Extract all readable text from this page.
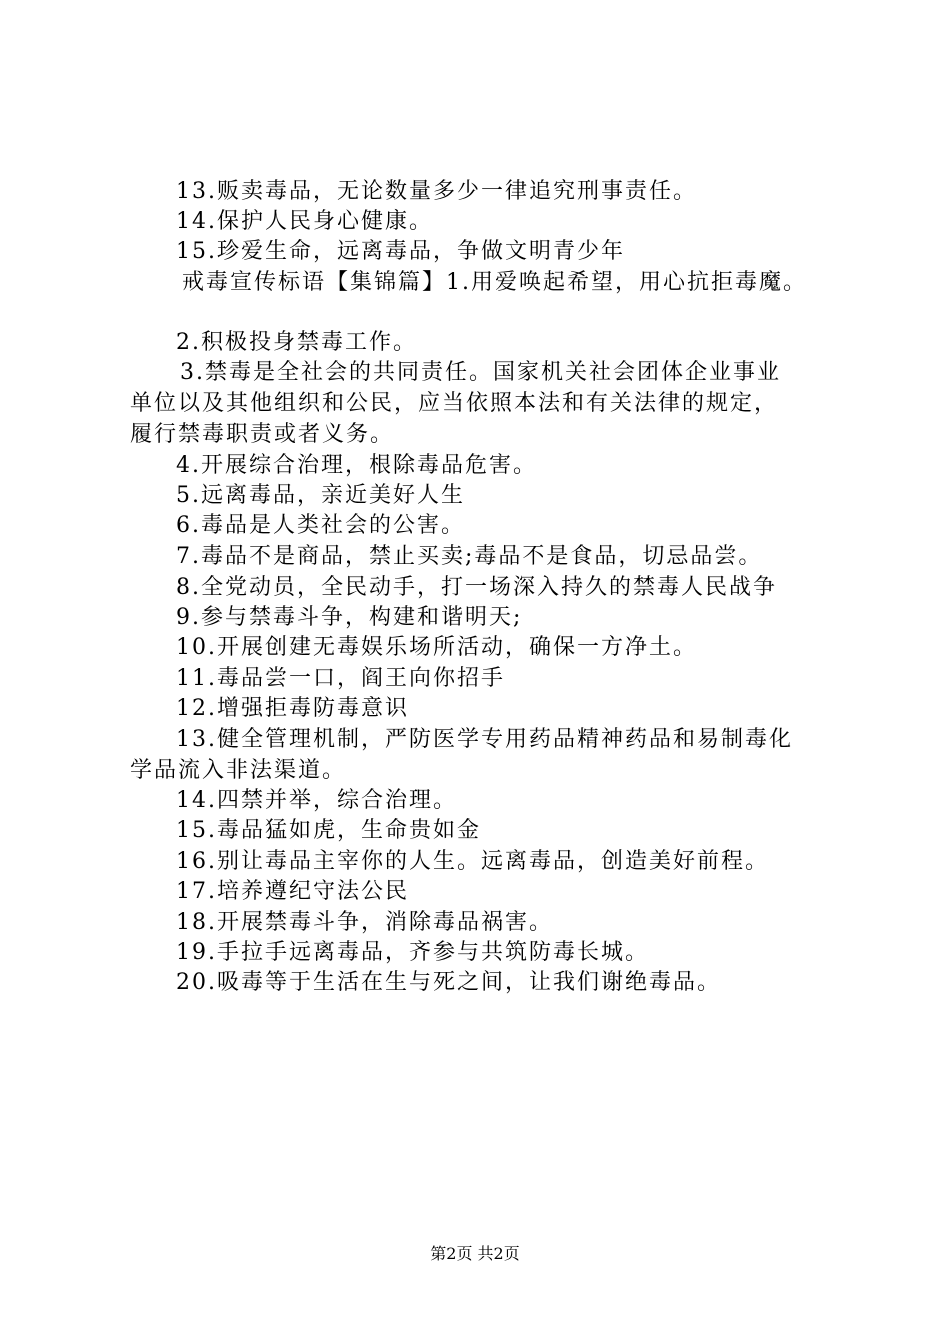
13.贩卖毒品，无论数量多少一律追究刑事责任。
14.保护人民身心健康。
15.珍爱生命，远离毒品，争做文明青少年
戒毒宣传标语【集锦篇】1.用爱唤起希望，用心抗拒毒魔。
2.积极投身禁毒工作。
3.禁毒是全社会的共同责任。国家机关社会团体企业事业
单位以及其他组织和公民，应当依照本法和有关法律的规定，
履行禁毒职责或者义务。
4.开展综合治理，根除毒品危害。
5.远离毒品，亲近美好人生
6.毒品是人类社会的公害。
7.毒品不是商品，禁止买卖;毒品不是食品，切忌品尝。
8.全党动员，全民动手，打一场深入持久的禁毒人民战争
9.参与禁毒斗争，构建和谐明天;
10.开展创建无毒娱乐场所活动，确保一方净土。
11.毒品尝一口，阎王向你招手
12.增强拒毒防毒意识
13.健全管理机制，严防医学专用药品精神药品和易制毒化
学品流入非法渠道。
14.四禁并举，综合治理。
15.毒品猛如虎，生命贵如金
16.别让毒品主宰你的人生。远离毒品，创造美好前程。
17.培养遵纪守法公民
18.开展禁毒斗争，消除毒品祸害。
19.手拉手远离毒品，齐参与共筑防毒长城。
20.吸毒等于生活在生与死之间，让我们谢绝毒品。
第2页 共2页
